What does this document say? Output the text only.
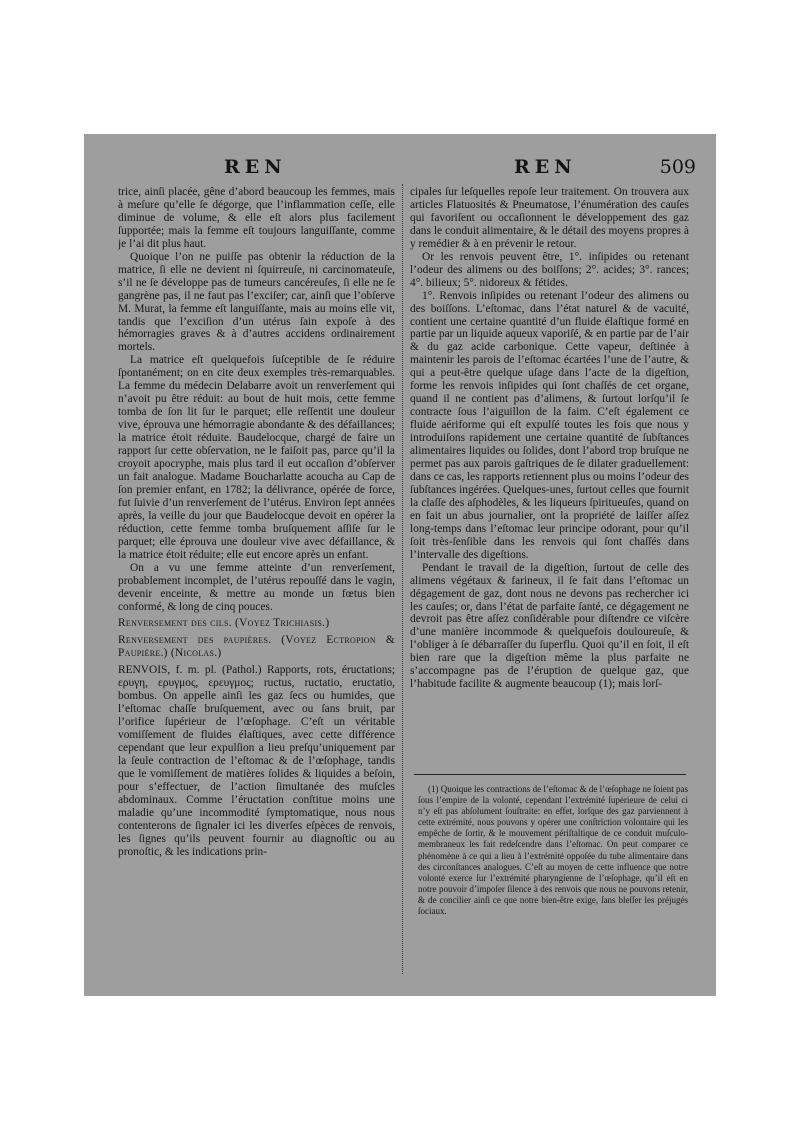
REN	REN	509

trice, ainſi placée, gêne d’abord beaucoup les femmes, mais à meſure qu’elle ſe dégorge, que l’inflammation ceſſe, elle diminue de volume, & elle eſt alors plus facilement ſupportée; mais la femme eſt toujours languiſſante, comme je l’ai dit plus haut.

Quoique l’on ne puiſſe pas obtenir la réduction de la matrice, ſi elle ne devient ni ſquirreuſe, ni carcinomateuſe, s’il ne ſe développe pas de tumeurs cancéreuſes, ſi elle ne ſe gangrène pas, il ne faut pas l’exciſer; car, ainſi que l’obſerve M. Murat, la femme eſt languiſſante, mais au moins elle vit, tandis que l’exciſion d’un utérus ſain expoſe à des hémorragies graves & à d’autres accidens ordinairement mortels.

La matrice eſt quelquefois ſuſceptible de ſe réduire ſpontanément; on en cite deux exemples très-remarquables. La femme du médecin Delabarre avoit un renverſement qui n’avoit pu être réduit: au bout de huit mois, cette femme tomba de ſon lit ſur le parquet; elle reſſentit une douleur vive, éprouva une hémorragie abondante & des défaillances; la matrice étoit réduite. Baudelocque, chargé de faire un rapport ſur cette obſervation, ne le faiſoit pas, parce qu’il la croyoit apocryphe, mais plus tard il eut occaſion d’obſerver un fait analogue. Madame Boucharlatte acoucha au Cap de ſon premier enfant, en 1782; la délivrance, opérée de force, fut ſuivie d’un renverſement de l’utérus. Environ ſept années après, la veille du jour que Baudelocque devoit en opérer la réduction, cette femme tomba bruſquement aſſiſe ſur le parquet; elle éprouva une douleur vive avec défaillance, & la matrice étoit réduite; elle eut encore après un enfant.

On a vu une femme atteinte d’un renverſement, probablement incomplet, de l’utérus repouſſé dans le vagin, devenir enceinte, & mettre au monde un fœtus bien conformé, & long de cinq pouces.

Renversement des cils. (Voyez Trichiasis.)

Renversement des paupières. (Voyez Ectropion & Paupière.) (Nicolas.)

RENVOIS, f. m. pl. (Pathol.) Rapports, rots, éructations; ερυγη, ερυγμος, ερευγμος; ructus, ructatio, eructatio, bombus. On appelle ainſi les gaz ſecs ou humides, que l’eſtomac chaſſe bruſquement, avec ou ſans bruit, par l’orifice ſupérieur de l’œſophage. C’eſt un véritable vomiſſement de fluides élaſtiques, avec cette différence cependant que leur expulſion a lieu preſqu’uniquement par la ſeule contraction de l’eſtomac & de l’œſophage, tandis que le vomiſſement de matières ſolides & liquides a beſoin, pour s’effectuer, de l’action ſimultanée des muſcles abdominaux. Comme l’éructation conſtitue moins une maladie qu’une incommodité ſymptomatique, nous nous contenterons de ſignaler ici les diverſes eſpèces de renvois, les ſignes qu’ils peuvent fournir au diagnoſtic ou au pronoſtic, & les indications prin-

cipales ſur leſquelles repoſe leur traitement. On trouvera aux articles Flatuosités & Pneumatose, l’énumération des cauſes qui favoriſent ou occaſionnent le développement des gaz dans le conduit alimentaire, & le détail des moyens propres à y remédier & à en prévenir le retour.

Or les renvois peuvent être, 1°. inſipides ou retenant l’odeur des alimens ou des boiſſons; 2°. acides; 3°. rances; 4°. bilieux; 5°. nidoreux & fétides.

1°. Renvois inſipides ou retenant l’odeur des alimens ou des boiſſons. L’eſtomac, dans l’état naturel & de vacuité, contient une certaine quantité d’un fluide élaſtique formé en partie par un liquide aqueux vaporiſé, & en partie par de l’air & du gaz acide carbonique. Cette vapeur, deſtinée à maintenir les parois de l’eſtomac écartées l’une de l’autre, & qui a peut-être quelque uſage dans l’acte de la digeſtion, forme les renvois inſipides qui ſont chaſſés de cet organe, quand il ne contient pas d’alimens, & ſurtout lorſqu’il ſe contracte ſous l’aiguillon de la faim. C’eſt également ce fluide aériforme qui eſt expulſé toutes les fois que nous y introduiſons rapidement une certaine quantité de ſubſtances alimentaires liquides ou ſolides, dont l’abord trop bruſque ne permet pas aux parois gaſtriques de ſe dilater graduellement: dans ce cas, les rapports retiennent plus ou moins l’odeur des ſubſtances ingérées. Quelques-unes, ſurtout celles que fournit la claſſe des aſphodèles, & les liqueurs ſpiritueuſes, quand on en fait un abus journalier, ont la propriété de laiſſer aſſez long-temps dans l’eſtomac leur principe odorant, pour qu’il ſoit très-ſenſible dans les renvois qui ſont chaſſés dans l’intervalle des digeſtions.

Pendant le travail de la digeſtion, ſurtout de celle des alimens végétaux & farineux, il ſe fait dans l’eſtomac un dégagement de gaz, dont nous ne devons pas rechercher ici les cauſes; or, dans l’état de parfaite ſanté, ce dégagement ne devroit pas être aſſez conſidérable pour diſtendre ce viſcère d’une manière incommode & quelquefois douloureuſe, & l’obliger à ſe débarraſſer du ſuperflu. Quoi qu’il en ſoit, il eſt bien rare que la digeſtion même la plus parfaite ne s’accompagne pas de l’éruption de quelque gaz, que l’habitude facilite & augmente beaucoup (1); mais lorſ-

(1) Quoique les contractions de l’eſtomac & de l’œſophage ne ſoient pas ſous l’empire de la volonté, cependant l’extrémité ſupérieure de celui ci n’y eſt pas abſolument ſouſtraite: en effet, lorſque des gaz parviennent à cette extrémité, nous pouvons y opérer une conſtriction volontaire qui les empêche de ſortir, & le mouvement périſtaltique de ce conduit muſculo-membraneux les fait redeſcendre dans l’eſtomac. On peut comparer ce phénomène à ce qui a lieu à l’extrémité oppoſée du tube alimentaire dans des circonſtances analogues. C’eſt au moyen de cette influence que notre volonté exerce ſur l’extrémité pharyngienne de l’œſophage, qu’il eſt en notre pouvoir d’impoſer ſilence à des renvois que nous ne pouvons retenir, & de concilier ainſi ce que notre bien-être exige, ſans bleſſer les préjugés ſociaux.
